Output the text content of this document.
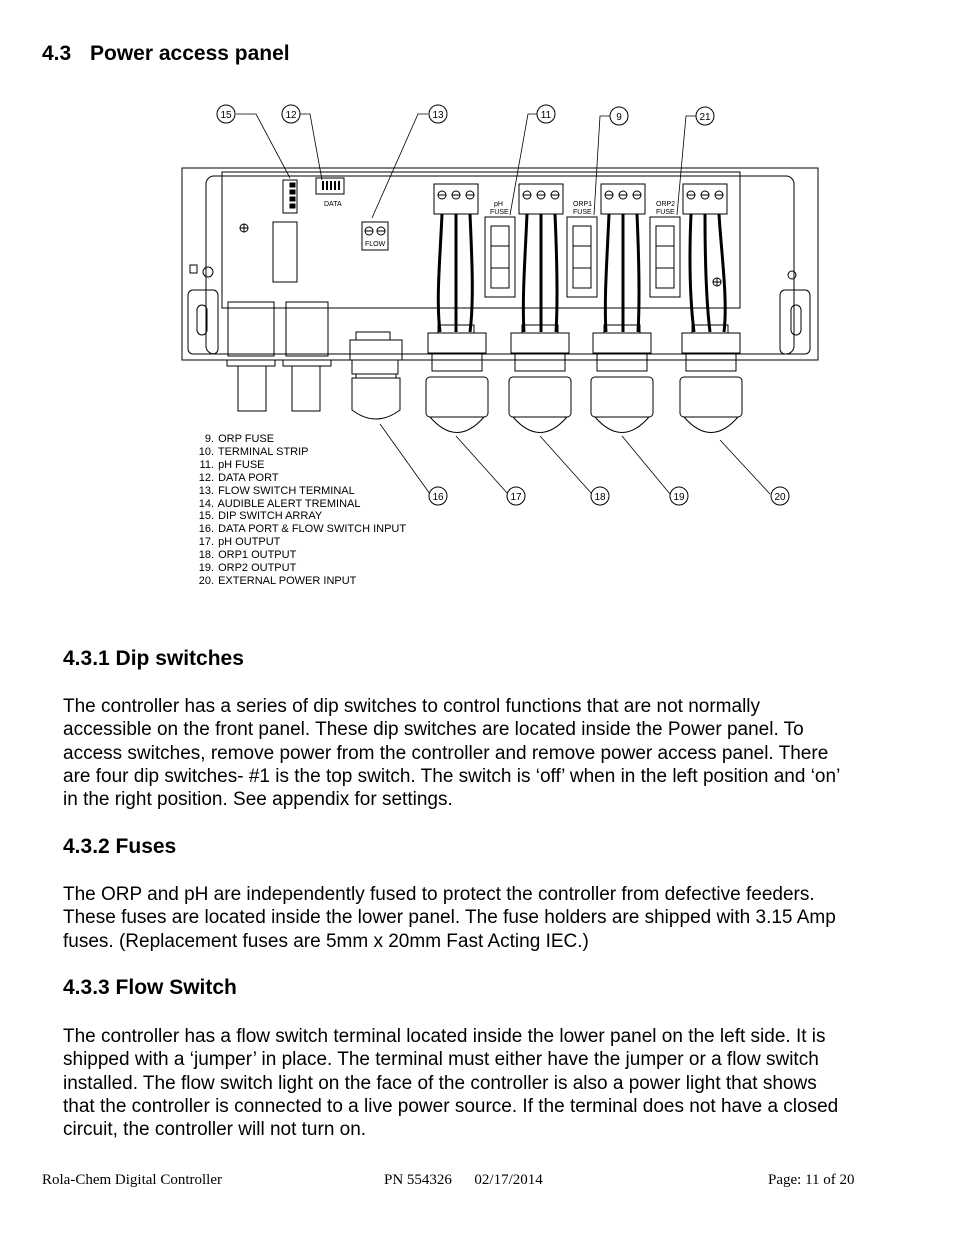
4.3 Power access panel
DATA
FLOW
pH
FUSE
ORP1
FUSE
ORP2
FUSE
15	12	13	11	9	21
16	17	18	19	20
9. ORP FUSE
10. TERMINAL STRIP
11. pH FUSE
12. DATA PORT
13. FLOW SWITCH TERMINAL
14. AUDIBLE ALERT TREMINAL
15. DIP SWITCH ARRAY
16. DATA PORT & FLOW SWITCH INPUT
17. pH OUTPUT
18. ORP1 OUTPUT
19. ORP2 OUTPUT
20. EXTERNAL POWER INPUT
4.3.1 Dip switches
The controller has a series of dip switches to control functions that are not normally
accessible on the front panel. These dip switches are located inside the Power panel. To
access switches, remove power from the controller and remove power access panel. There
are four dip switches- #1 is the top switch. The switch is ‘off’ when in the left position and ‘on’
in the right position. See appendix for settings.
4.3.2 Fuses
The ORP and pH are independently fused to protect the controller from defective feeders.
These fuses are located inside the lower panel. The fuse holders are shipped with 3.15 Amp
fuses. (Replacement fuses are 5mm x 20mm Fast Acting IEC.)
4.3.3 Flow Switch
The controller has a flow switch terminal located inside the lower panel on the left side. It is
shipped with a ‘jumper’ in place. The terminal must either have the jumper or a flow switch
installed. The flow switch light on the face of the controller is also a power light that shows
that the controller is connected to a live power source. If the terminal does not have a closed
circuit, the controller will not turn on.
Rola-Chem Digital Controller	PN 554326      02/17/2014	Page: 11 of 20
